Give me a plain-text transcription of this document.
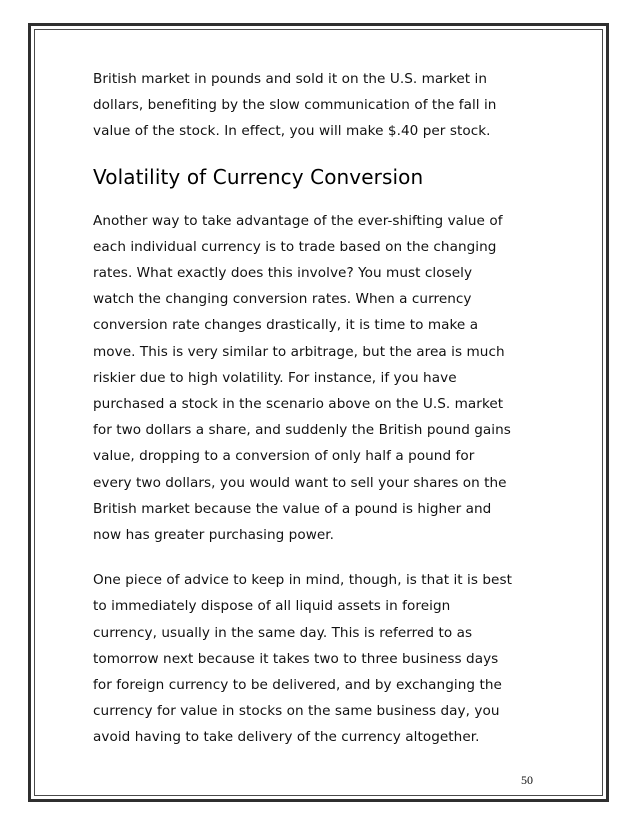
British market in pounds and sold it on the U.S. market in
dollars, benefiting by the slow communication of the fall in
value of the stock. In effect, you will make $.40 per stock.

Volatility of Currency Conversion

Another way to take advantage of the ever-shifting value of
each individual currency is to trade based on the changing
rates. What exactly does this involve? You must closely
watch the changing conversion rates. When a currency
conversion rate changes drastically, it is time to make a
move. This is very similar to arbitrage, but the area is much
riskier due to high volatility. For instance, if you have
purchased a stock in the scenario above on the U.S. market
for two dollars a share, and suddenly the British pound gains
value, dropping to a conversion of only half a pound for
every two dollars, you would want to sell your shares on the
British market because the value of a pound is higher and
now has greater purchasing power.

One piece of advice to keep in mind, though, is that it is best
to immediately dispose of all liquid assets in foreign
currency, usually in the same day. This is referred to as
tomorrow next because it takes two to three business days
for foreign currency to be delivered, and by exchanging the
currency for value in stocks on the same business day, you
avoid having to take delivery of the currency altogether.

50
